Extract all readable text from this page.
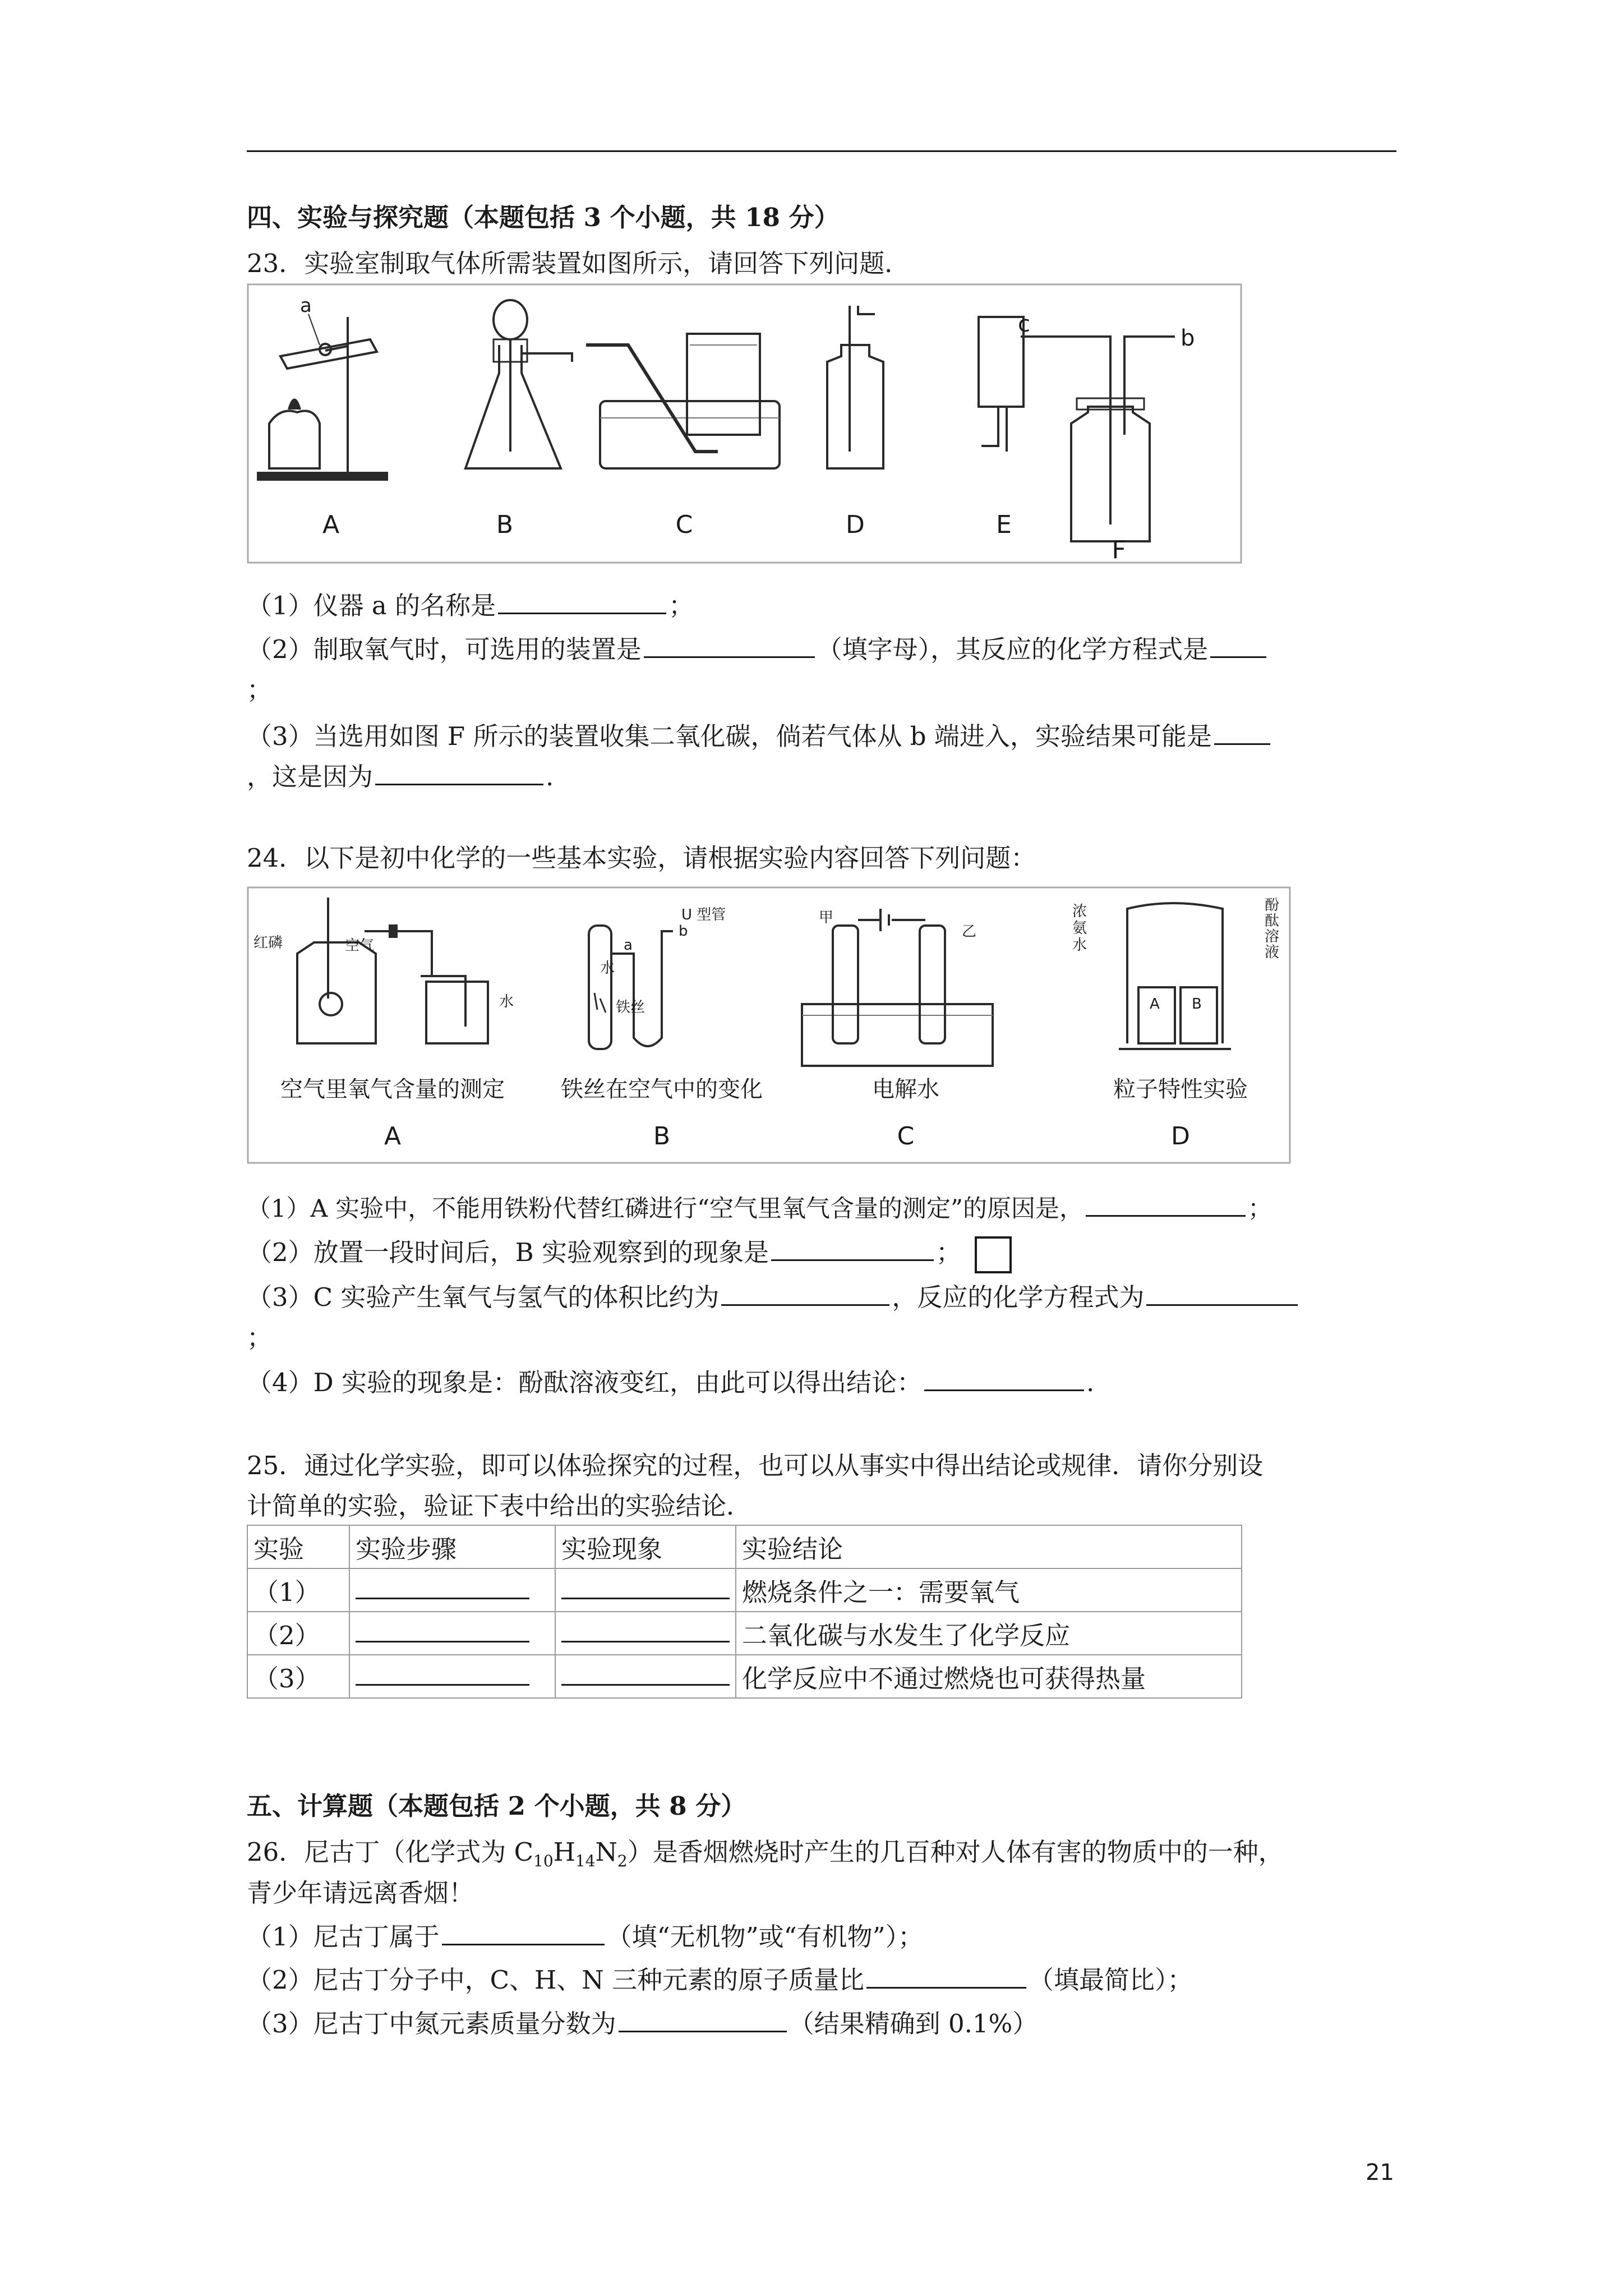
四、实验与探究题（本题包括 3 个小题，共 18 分）
23．实验室制取气体所需装置如图所示，请回答下列问题．
a
c
b
A	B	C	D	E
F
（1）仪器 a 的名称是	；
（2）制取氧气时，可选用的装置是	（填字母），其反应的化学方程式是
；
（3）当选用如图 F 所示的装置收集二氧化碳，倘若气体从 b 端进入，实验结果可能是
，这是因为	.
24．以下是初中化学的一些基本实验，请根据实验内容回答下列问题：
红磷	空气
水
U 型管
a
b
水
铁丝
甲
乙
浓氨水
酚酞溶液
A B
空气里氧气含量的测定	铁丝在空气中的变化	电解水	粒子特性实验
A	B	C	D
（1）A 实验中，不能用铁粉代替红磷进行“空气里氧气含量的测定”的原因是，	；
（2）放置一段时间后，B 实验观察到的现象是	；
（3）C 实验产生氧气与氢气的体积比约为	，反应的化学方程式为
；
（4）D 实验的现象是：酚酞溶液变红，由此可以得出结论：	.
25．通过化学实验，即可以体验探究的过程，也可以从事实中得出结论或规律．请你分别设
计简单的实验，验证下表中给出的实验结论．
实验	实验步骤	实验现象	实验结论
（1）			燃烧条件之一：需要氧气
（2）			二氧化碳与水发生了化学反应
（3）			化学反应中不通过燃烧也可获得热量
五、计算题（本题包括 2 个小题，共 8 分）
26．尼古丁（化学式为 $C_{10}H_{14}N_2$）是香烟燃烧时产生的几百种对人体有害的物质中的一种，
青少年请远离香烟！
（1）尼古丁属于	（填“无机物”或“有机物”）；
（2）尼古丁分子中，C、H、N 三种元素的原子质量比	（填最简比）；
（3）尼古丁中氮元素质量分数为	（结果精确到 0.1%）
21
